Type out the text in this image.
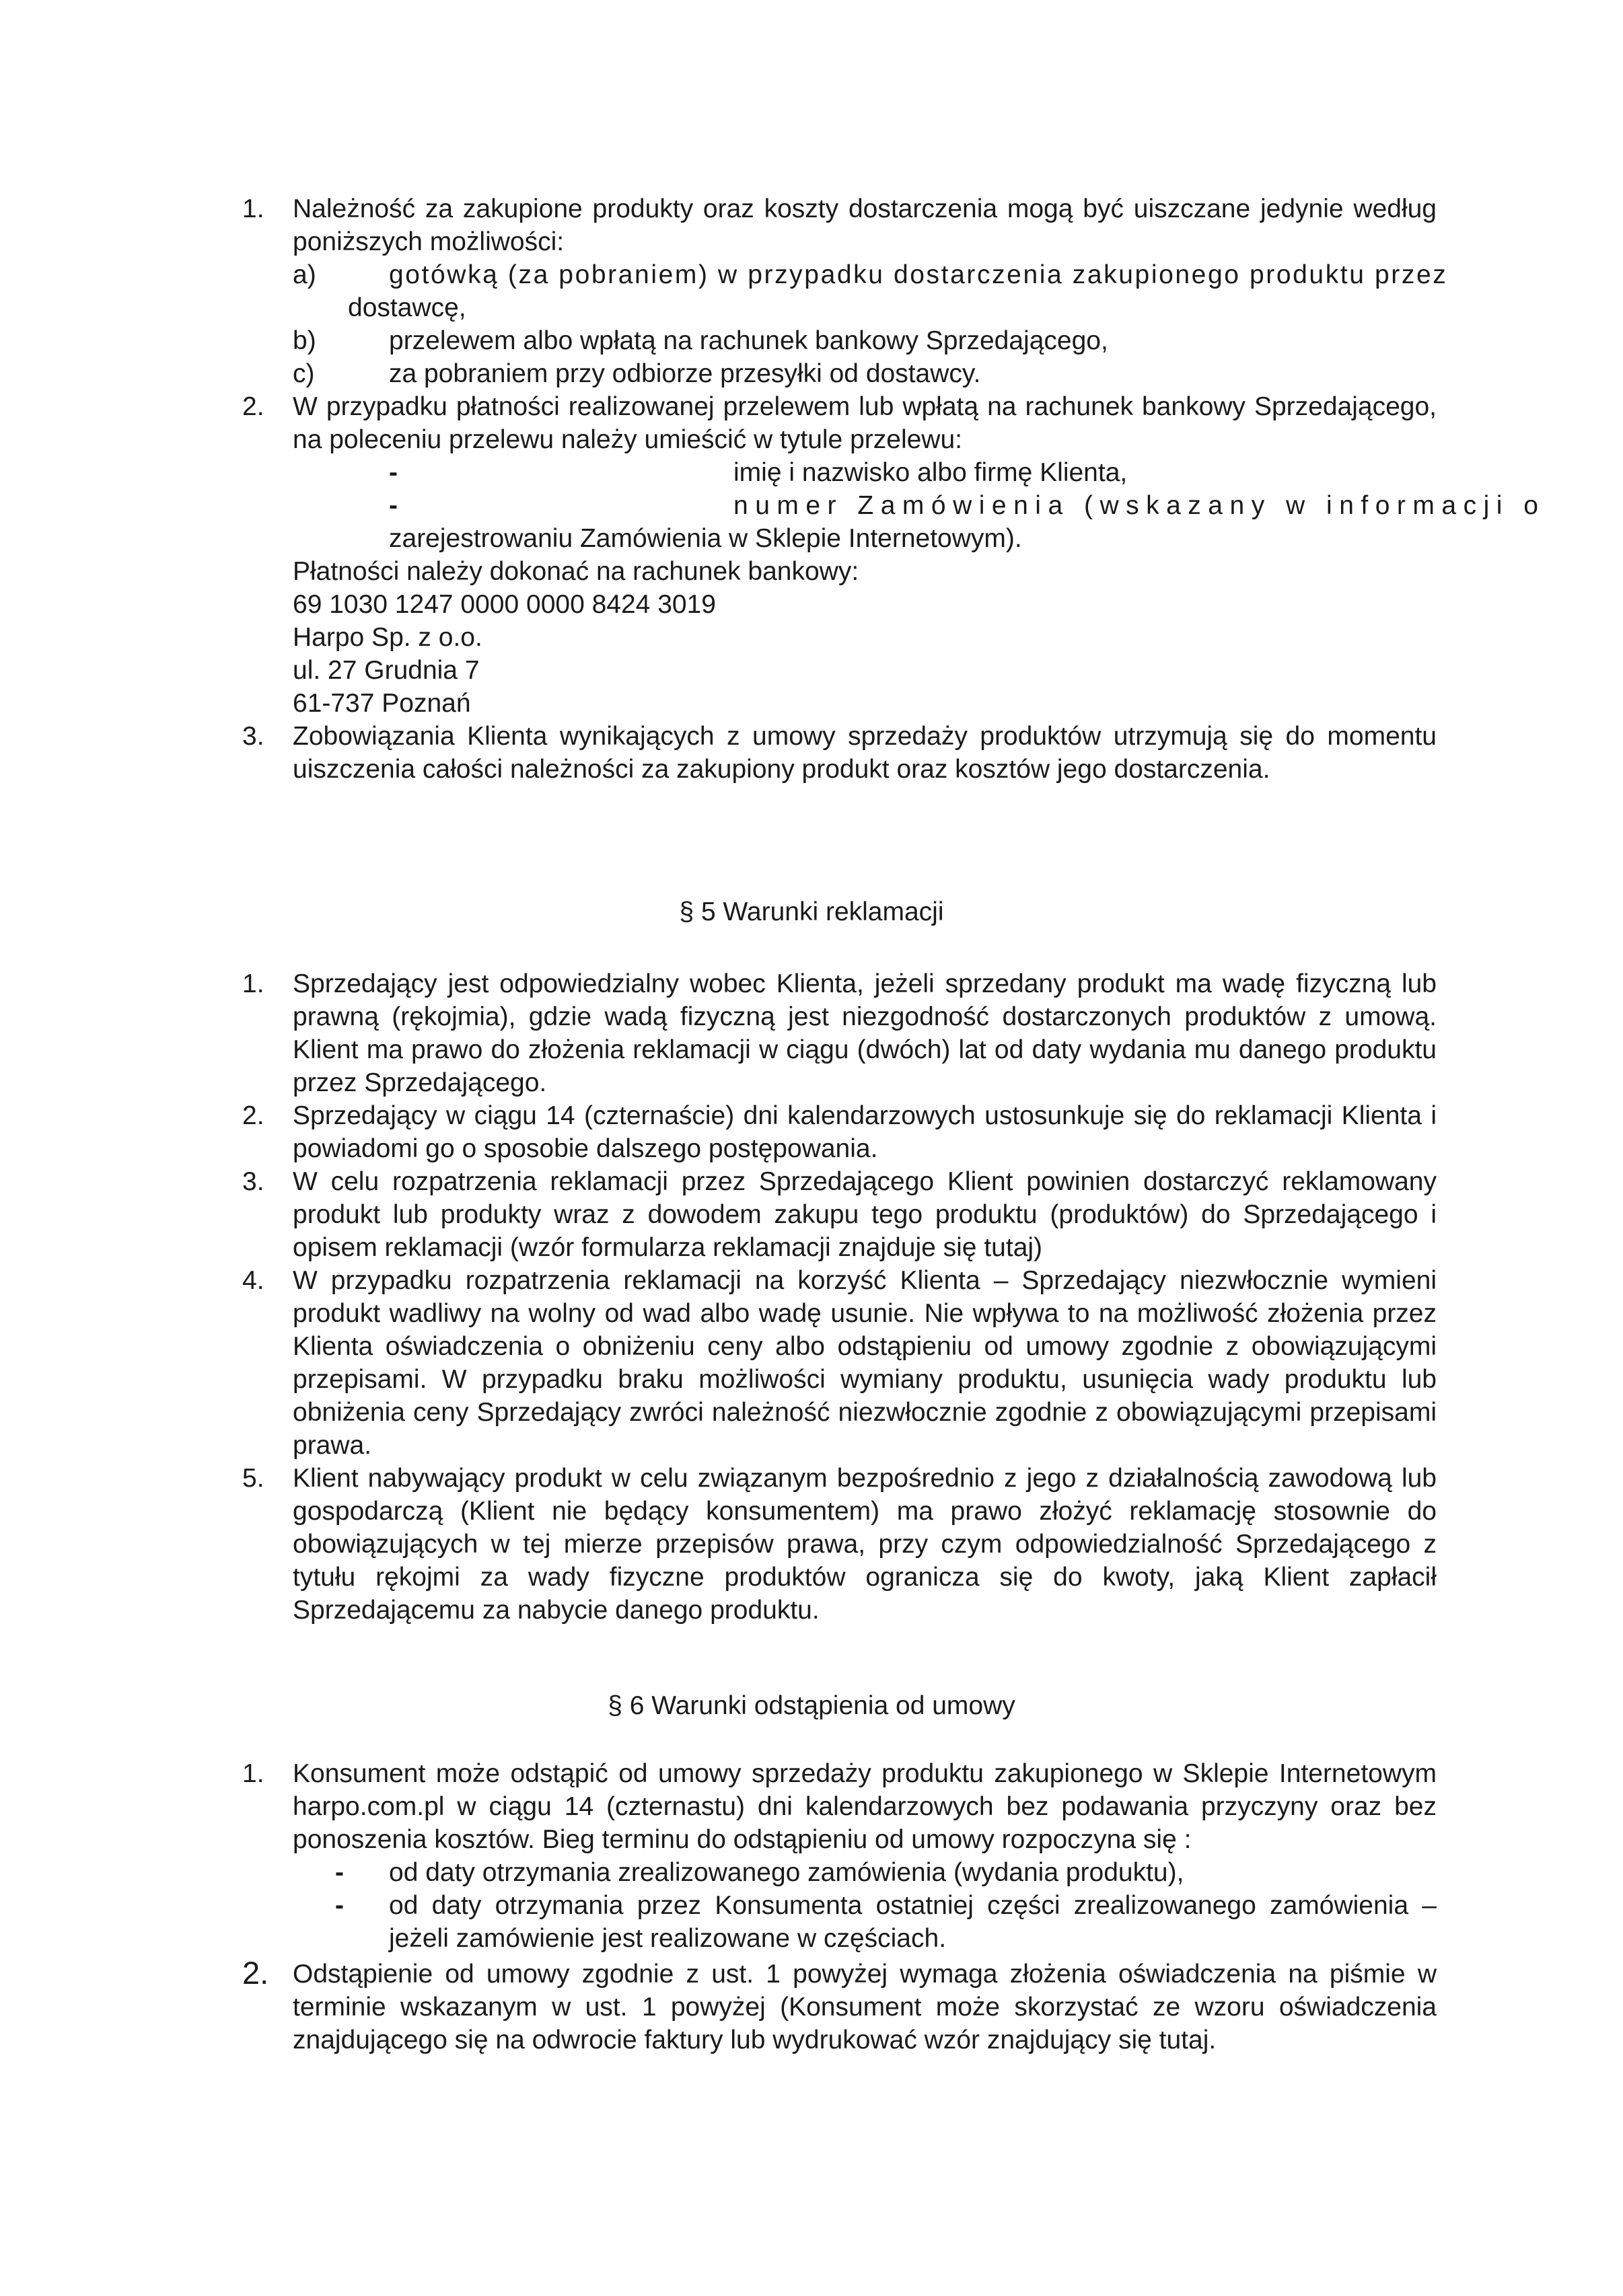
1.	Należność za zakupione produkty oraz koszty dostarczenia mogą być uiszczane jedynie według poniższych możliwości:
a)	gotówką (za pobraniem) w przypadku dostarczenia zakupionego produktu przez
dostawcę,
b)	przelewem albo wpłatą na rachunek bankowy Sprzedającego,
c)	za pobraniem przy odbiorze przesyłki od dostawcy.
2.	W przypadku płatności realizowanej przelewem lub wpłatą na rachunek bankowy Sprzedającego, na poleceniu przelewu należy umieścić w tytule przelewu:
-	imię i nazwisko albo firmę Klienta,
-	numer Zamówienia (wskazany w informacji o
zarejestrowaniu Zamówienia w Sklepie Internetowym).
Płatności należy dokonać na rachunek bankowy:
69 1030 1247 0000 0000 8424 3019
Harpo Sp. z o.o.
ul. 27 Grudnia 7
61-737 Poznań
3.	Zobowiązania Klienta wynikających z umowy sprzedaży produktów utrzymują się do momentu uiszczenia całości należności za zakupiony produkt oraz kosztów jego dostarczenia.
§ 5 Warunki reklamacji
1.	Sprzedający jest odpowiedzialny wobec Klienta, jeżeli sprzedany produkt ma wadę fizyczną lub prawną (rękojmia), gdzie wadą fizyczną jest niezgodność dostarczonych produktów z umową. Klient ma prawo do złożenia reklamacji w ciągu (dwóch) lat od daty wydania mu danego produktu przez Sprzedającego.
2.	Sprzedający w ciągu 14 (czternaście) dni kalendarzowych ustosunkuje się do reklamacji Klienta i powiadomi go o sposobie dalszego postępowania.
3.	W celu rozpatrzenia reklamacji przez Sprzedającego Klient powinien dostarczyć reklamowany produkt lub produkty wraz z dowodem zakupu tego produktu (produktów) do Sprzedającego i opisem reklamacji (wzór formularza reklamacji znajduje się tutaj)
4.	W przypadku rozpatrzenia reklamacji na korzyść Klienta – Sprzedający niezwłocznie wymieni produkt wadliwy na wolny od wad albo wadę usunie. Nie wpływa to na możliwość złożenia przez Klienta oświadczenia o obniżeniu ceny albo odstąpieniu od umowy zgodnie z obowiązującymi przepisami. W przypadku braku możliwości wymiany produktu, usunięcia wady produktu lub obniżenia ceny Sprzedający zwróci należność niezwłocznie zgodnie z obowiązującymi przepisami prawa.
5.	Klient nabywający produkt w celu związanym bezpośrednio z jego z działalnością zawodową lub gospodarczą (Klient nie będący konsumentem) ma prawo złożyć reklamację stosownie do obowiązujących w tej mierze przepisów prawa, przy czym odpowiedzialność Sprzedającego z tytułu rękojmi za wady fizyczne produktów ogranicza się do kwoty, jaką Klient zapłacił Sprzedającemu za nabycie danego produktu.
§ 6 Warunki odstąpienia od umowy
1.	Konsument może odstąpić od umowy sprzedaży produktu zakupionego w Sklepie Internetowym harpo.com.pl w ciągu 14 (czternastu) dni kalendarzowych bez podawania przyczyny oraz bez ponoszenia kosztów. Bieg terminu do odstąpieniu od umowy rozpoczyna się :
- od daty otrzymania zrealizowanego zamówienia (wydania produktu),
- od daty otrzymania przez Konsumenta ostatniej części zrealizowanego zamówienia – jeżeli zamówienie jest realizowane w częściach.
2. Odstąpienie od umowy zgodnie z ust. 1 powyżej wymaga złożenia oświadczenia na piśmie w terminie wskazanym w ust. 1 powyżej (Konsument może skorzystać ze wzoru oświadczenia znajdującego się na odwrocie faktury lub wydrukować wzór znajdujący się tutaj.
